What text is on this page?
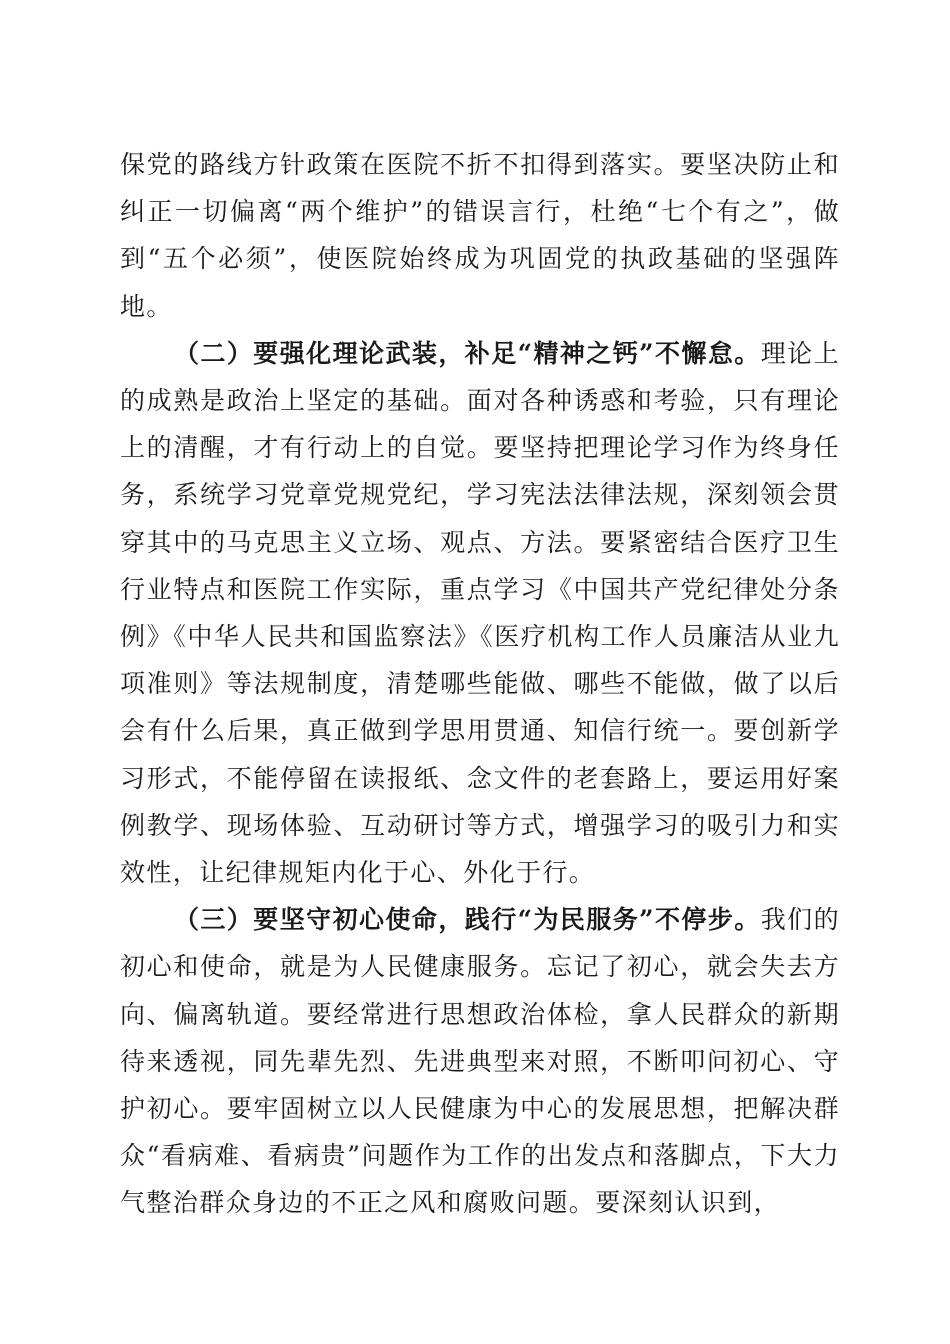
保党的路线方针政策在医院不折不扣得到落实。要坚决防止和纠正一切偏离“两个维护”的错误言行，杜绝“七个有之”，做到“五个必须”，使医院始终成为巩固党的执政基础的坚强阵地。

（二）要强化理论武装，补足“精神之钙”不懈怠。理论上的成熟是政治上坚定的基础。面对各种诱惑和考验，只有理论上的清醒，才有行动上的自觉。要坚持把理论学习作为终身任务，系统学习党章党规党纪，学习宪法法律法规，深刻领会贯穿其中的马克思主义立场、观点、方法。要紧密结合医疗卫生行业特点和医院工作实际，重点学习《中国共产党纪律处分条例》《中华人民共和国监察法》《医疗机构工作人员廉洁从业九项准则》等法规制度，清楚哪些能做、哪些不能做，做了以后会有什么后果，真正做到学思用贯通、知信行统一。要创新学习形式，不能停留在读报纸、念文件的老套路上，要运用好案例教学、现场体验、互动研讨等方式，增强学习的吸引力和实效性，让纪律规矩内化于心、外化于行。

（三）要坚守初心使命，践行“为民服务”不停步。我们的初心和使命，就是为人民健康服务。忘记了初心，就会失去方向、偏离轨道。要经常进行思想政治体检，拿人民群众的新期待来透视，同先辈先烈、先进典型来对照，不断叩问初心、守护初心。要牢固树立以人民健康为中心的发展思想，把解决群众“看病难、看病贵”问题作为工作的出发点和落脚点，下大力气整治群众身边的不正之风和腐败问题。要深刻认识到，
